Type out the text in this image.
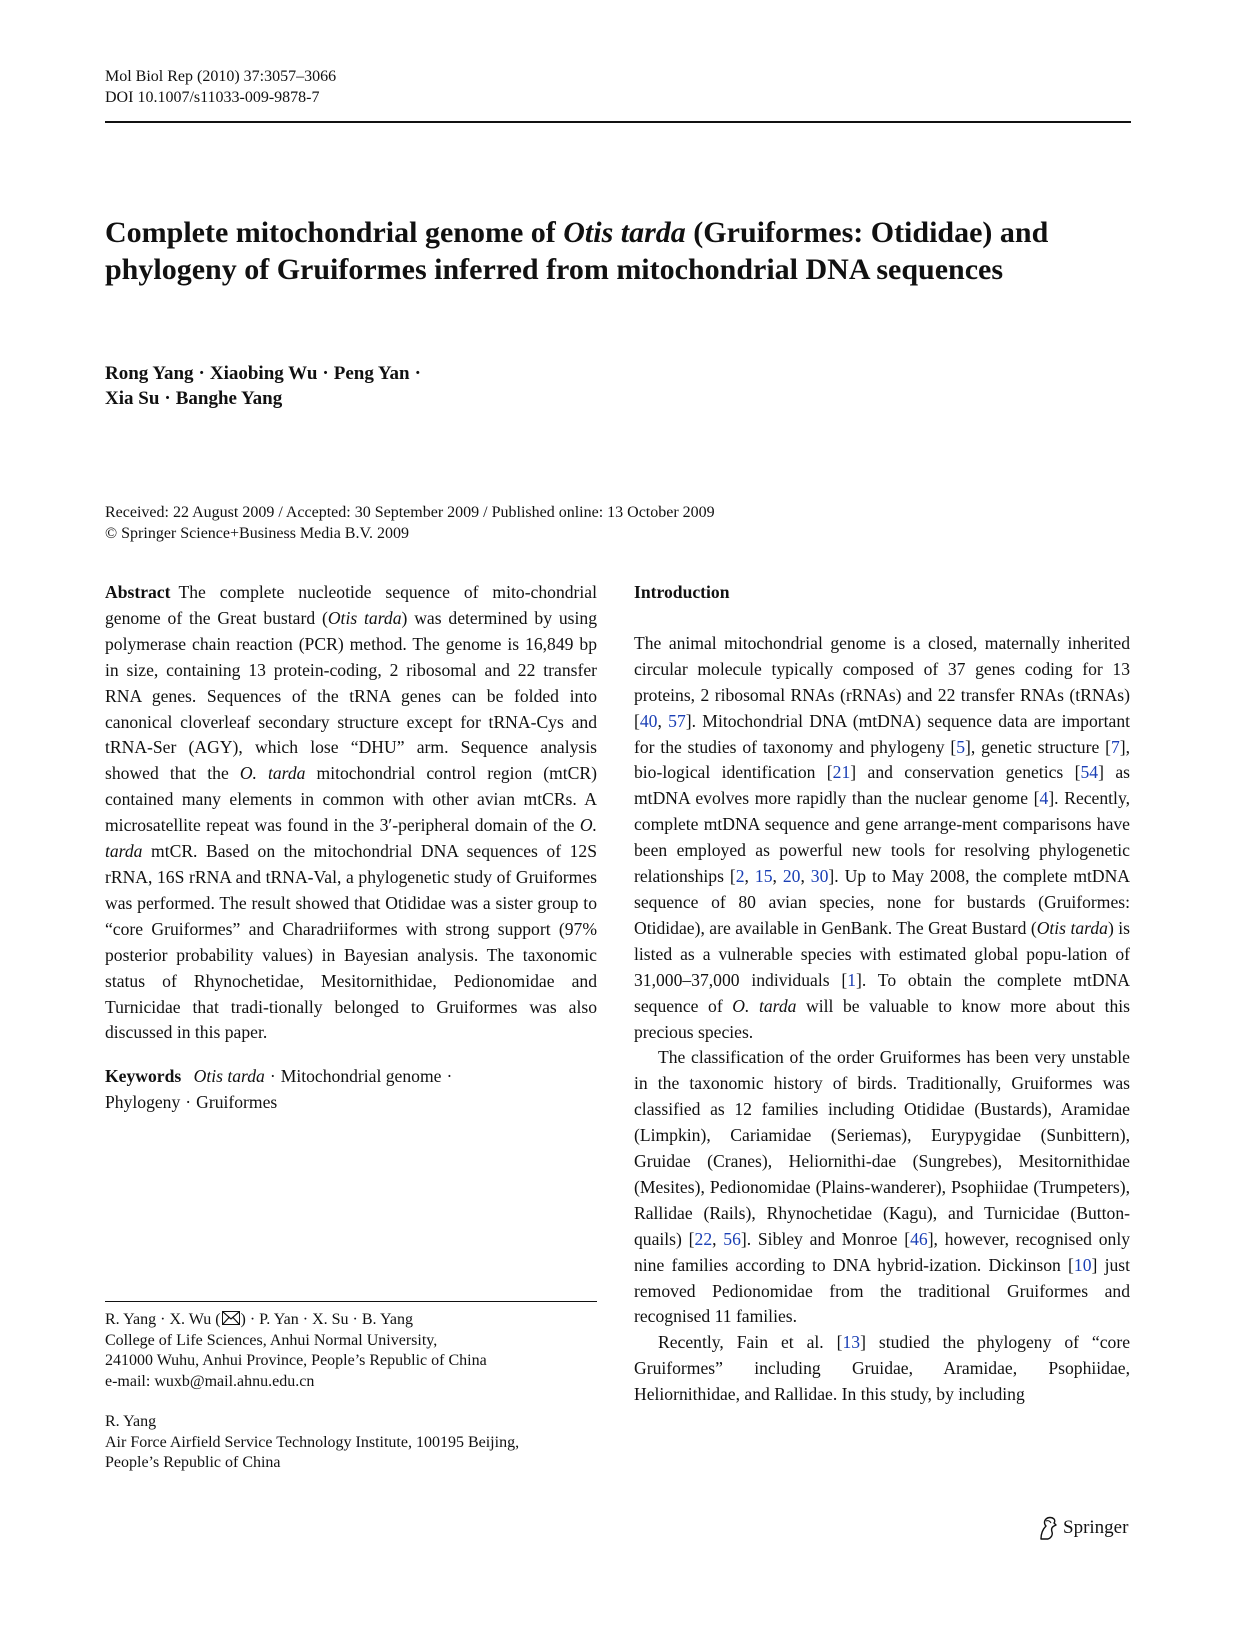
Mol Biol Rep (2010) 37:3057–3066
DOI 10.1007/s11033-009-9878-7
Complete mitochondrial genome of Otis tarda (Gruiformes: Otididae) and phylogeny of Gruiformes inferred from mitochondrial DNA sequences
Rong Yang · Xiaobing Wu · Peng Yan ·
Xia Su · Banghe Yang
Received: 22 August 2009 / Accepted: 30 September 2009 / Published online: 13 October 2009
© Springer Science+Business Media B.V. 2009

Abstract The complete nucleotide sequence of mito-chondrial genome of the Great bustard (Otis tarda) was determined by using polymerase chain reaction (PCR) method. The genome is 16,849 bp in size, containing 13 protein-coding, 2 ribosomal and 22 transfer RNA genes. Sequences of the tRNA genes can be folded into canonical cloverleaf secondary structure except for tRNA-Cys and tRNA-Ser (AGY), which lose “DHU” arm. Sequence analysis showed that the O. tarda mitochondrial control region (mtCR) contained many elements in common with other avian mtCRs. A microsatellite repeat was found in the 3′-peripheral domain of the O. tarda mtCR. Based on the mitochondrial DNA sequences of 12S rRNA, 16S rRNA and tRNA-Val, a phylogenetic study of Gruiformes was performed. The result showed that Otididae was a sister group to “core Gruiformes” and Charadriiformes with strong support (97% posterior probability values) in Bayesian analysis. The taxonomic status of Rhynochetidae, Mesitornithidae, Pedionomidae and Turnicidae that tradi-tionally belonged to Gruiformes was also discussed in this paper.

Keywords Otis tarda · Mitochondrial genome ·
Phylogeny · Gruiformes

R. Yang · X. Wu ( ) · P. Yan · X. Su · B. Yang
College of Life Sciences, Anhui Normal University,
241000 Wuhu, Anhui Province, People’s Republic of China
e-mail: wuxb@mail.ahnu.edu.cn
R. Yang
Air Force Airfield Service Technology Institute, 100195 Beijing,
People’s Republic of China

Introduction

The animal mitochondrial genome is a closed, maternally inherited circular molecule typically composed of 37 genes coding for 13 proteins, 2 ribosomal RNAs (rRNAs) and 22 transfer RNAs (tRNAs) [40, 57]. Mitochondrial DNA (mtDNA) sequence data are important for the studies of taxonomy and phylogeny [5], genetic structure [7], bio-logical identification [21] and conservation genetics [54] as mtDNA evolves more rapidly than the nuclear genome [4]. Recently, complete mtDNA sequence and gene arrange-ment comparisons have been employed as powerful new tools for resolving phylogenetic relationships [2, 15, 20, 30]. Up to May 2008, the complete mtDNA sequence of 80 avian species, none for bustards (Gruiformes: Otididae), are available in GenBank. The Great Bustard (Otis tarda) is listed as a vulnerable species with estimated global popu-lation of 31,000–37,000 individuals [1]. To obtain the complete mtDNA sequence of O. tarda will be valuable to know more about this precious species.

The classification of the order Gruiformes has been very unstable in the taxonomic history of birds. Traditionally, Gruiformes was classified as 12 families including Otididae (Bustards), Aramidae (Limpkin), Cariamidae (Seriemas), Eurypygidae (Sunbittern), Gruidae (Cranes), Heliornithi-dae (Sungrebes), Mesitornithidae (Mesites), Pedionomidae (Plains-wanderer), Psophiidae (Trumpeters), Rallidae (Rails), Rhynochetidae (Kagu), and Turnicidae (Button-quails) [22, 56]. Sibley and Monroe [46], however, recognised only nine families according to DNA hybrid-ization. Dickinson [10] just removed Pedionomidae from the traditional Gruiformes and recognised 11 families.

Recently, Fain et al. [13] studied the phylogeny of “core Gruiformes” including Gruidae, Aramidae, Psophiidae, Heliornithidae, and Rallidae. In this study, by including

Springer
